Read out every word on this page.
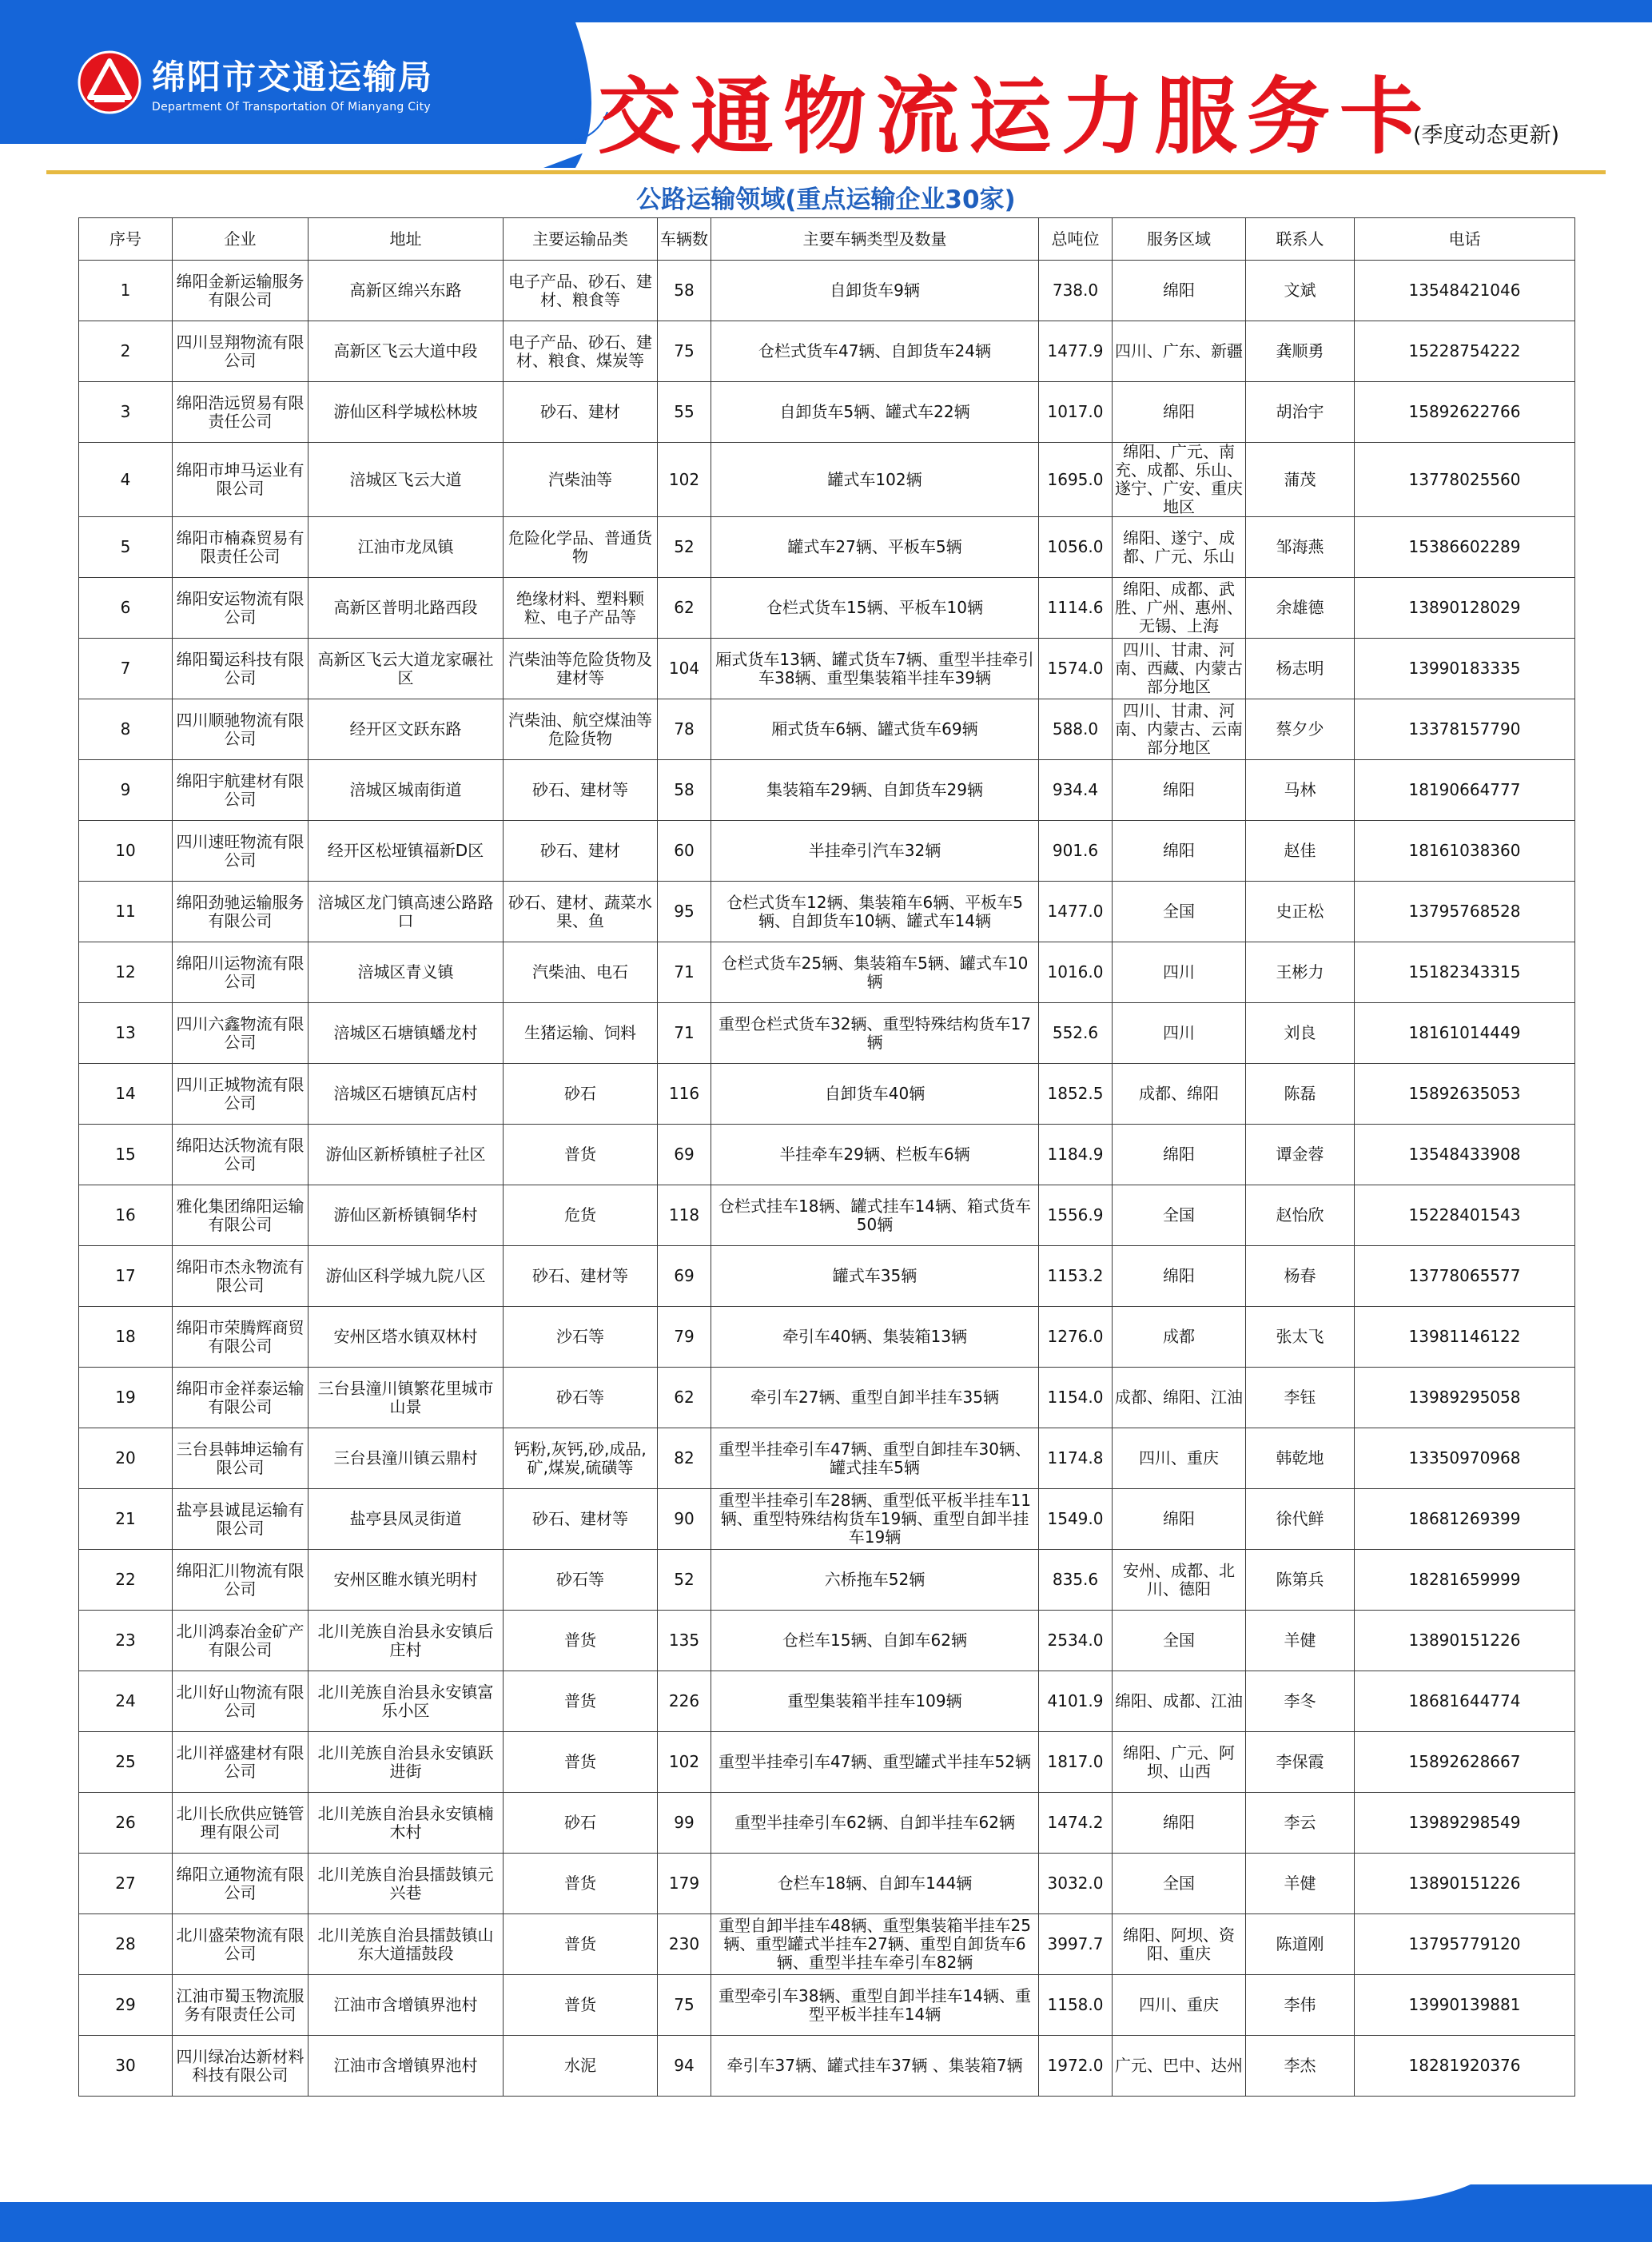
绵阳市交通运输局
Department Of Transportation Of Mianyang City 交通物流运力服务卡
(季度动态更新)
公路运输领域(重点运输企业30家)
序号	企业	地址	主要运输品类	车辆数	主要车辆类型及数量	总吨位	服务区域	联系人	电话
1	绵阳金新运输服务有限公司	高新区绵兴东路	电子产品、砂石、建材、粮食等	58	自卸货车9辆	738.0	绵阳	文斌	13548421046
2	四川昱翔物流有限公司	高新区飞云大道中段	电子产品、砂石、建材、粮食、煤炭等	75	仓栏式货车47辆、自卸货车24辆	1477.9	四川、广东、新疆	龚顺勇	15228754222
3	绵阳浩远贸易有限责任公司	游仙区科学城松林坡	砂石、建材	55	自卸货车5辆、罐式车22辆	1017.0	绵阳	胡治宇	15892622766
4	绵阳市坤马运业有限公司	涪城区飞云大道	汽柴油等	102	罐式车102辆	1695.0	绵阳、广元、南充、成都、乐山、遂宁、广安、重庆地区	蒲茂	13778025560
5	绵阳市楠森贸易有限责任公司	江油市龙凤镇	危险化学品、普通货物	52	罐式车27辆、平板车5辆	1056.0	绵阳、遂宁、成都、广元、乐山	邹海燕	15386602289
6	绵阳安运物流有限公司	高新区普明北路西段	绝缘材料、塑料颗粒、电子产品等	62	仓栏式货车15辆、平板车10辆	1114.6	绵阳、成都、武胜、广州、惠州、无锡、上海	余雄德	13890128029
7	绵阳蜀运科技有限公司	高新区飞云大道龙家碾社区	汽柴油等危险货物及建材等	104	厢式货车13辆、罐式货车7辆、重型半挂牵引车38辆、重型集装箱半挂车39辆	1574.0	四川、甘肃、河南、西藏、内蒙古部分地区	杨志明	13990183335
8	四川顺驰物流有限公司	经开区文跃东路	汽柴油、航空煤油等危险货物	78	厢式货车6辆、罐式货车69辆	588.0	四川、甘肃、河南、内蒙古、云南部分地区	蔡夕少	13378157790
9	绵阳宇航建材有限公司	涪城区城南街道	砂石、建材等	58	集装箱车29辆、自卸货车29辆	934.4	绵阳	马林	18190664777
10	四川速旺物流有限公司	经开区松垭镇福新D区	砂石、建材	60	半挂牵引汽车32辆	901.6	绵阳	赵佳	18161038360
11	绵阳劲驰运输服务有限公司	涪城区龙门镇高速公路路口	砂石、建材、蔬菜水果、鱼	95	仓栏式货车12辆、集装箱车6辆、平板车5辆、自卸货车10辆、罐式车14辆	1477.0	全国	史正松	13795768528
12	绵阳川运物流有限公司	涪城区青义镇	汽柴油、电石	71	仓栏式货车25辆、集装箱车5辆、罐式车10辆	1016.0	四川	王彬力	15182343315
13	四川六鑫物流有限公司	涪城区石塘镇蟠龙村	生猪运输、饲料	71	重型仓栏式货车32辆、重型特殊结构货车17辆	552.6	四川	刘良	18161014449
14	四川正城物流有限公司	涪城区石塘镇瓦店村	砂石	116	自卸货车40辆	1852.5	成都、绵阳	陈磊	15892635053
15	绵阳达沃物流有限公司	游仙区新桥镇桩子社区	普货	69	半挂牵车29辆、栏板车6辆	1184.9	绵阳	谭金蓉	13548433908
16	雅化集团绵阳运输有限公司	游仙区新桥镇铜华村	危货	118	仓栏式挂车18辆、罐式挂车14辆、箱式货车50辆	1556.9	全国	赵怡欣	15228401543
17	绵阳市杰永物流有限公司	游仙区科学城九院八区	砂石、建材等	69	罐式车35辆	1153.2	绵阳	杨春	13778065577
18	绵阳市荣腾辉商贸有限公司	安州区塔水镇双林村	沙石等	79	牵引车40辆、集装箱13辆	1276.0	成都	张太飞	13981146122
19	绵阳市金祥泰运输有限公司	三台县潼川镇繁花里城市山景	砂石等	62	牵引车27辆、重型自卸半挂车35辆	1154.0	成都、绵阳、江油	李钰	13989295058
20	三台县韩坤运输有限公司	三台县潼川镇云鼎村	钙粉,灰钙,砂,成品,矿,煤炭,硫磺等	82	重型半挂牵引车47辆、重型自卸挂车30辆、罐式挂车5辆	1174.8	四川、重庆	韩乾地	13350970968
21	盐亭县诚昆运输有限公司	盐亭县凤灵街道	砂石、建材等	90	重型半挂牵引车28辆、重型低平板半挂车11辆、重型特殊结构货车19辆、重型自卸半挂车19辆	1549.0	绵阳	徐代鲜	18681269399
22	绵阳汇川物流有限公司	安州区睢水镇光明村	砂石等	52	六桥拖车52辆	835.6	安州、成都、北川、德阳	陈第兵	18281659999
23	北川鸿泰冶金矿产有限公司	北川羌族自治县永安镇后庄村	普货	135	仓栏车15辆、自卸车62辆	2534.0	全国	羊健	13890151226
24	北川好山物流有限公司	北川羌族自治县永安镇富乐小区	普货	226	重型集装箱半挂车109辆	4101.9	绵阳、成都、江油	李冬	18681644774
25	北川祥盛建材有限公司	北川羌族自治县永安镇跃进街	普货	102	重型半挂牵引车47辆、重型罐式半挂车52辆	1817.0	绵阳、广元、阿坝、山西	李保霞	15892628667
26	北川长欣供应链管理有限公司	北川羌族自治县永安镇楠木村	砂石	99	重型半挂牵引车62辆、自卸半挂车62辆	1474.2	绵阳	李云	13989298549
27	绵阳立通物流有限公司	北川羌族自治县擂鼓镇元兴巷	普货	179	仓栏车18辆、自卸车144辆	3032.0	全国	羊健	13890151226
28	北川盛荣物流有限公司	北川羌族自治县擂鼓镇山东大道擂鼓段	普货	230	重型自卸半挂车48辆、重型集装箱半挂车25辆、重型罐式半挂车27辆、重型自卸货车6辆、重型半挂车牵引车82辆	3997.7	绵阳、阿坝、资阳、重庆	陈道刚	13795779120
29	江油市蜀玉物流服务有限责任公司	江油市含增镇界池村	普货	75	重型牵引车38辆、重型自卸半挂车14辆、重型平板半挂车14辆	1158.0	四川、重庆	李伟	13990139881
30	四川绿冶达新材料科技有限公司	江油市含增镇界池村	水泥	94	牵引车37辆、罐式挂车37辆 、集装箱7辆	1972.0	广元、巴中、达州	李杰	18281920376
